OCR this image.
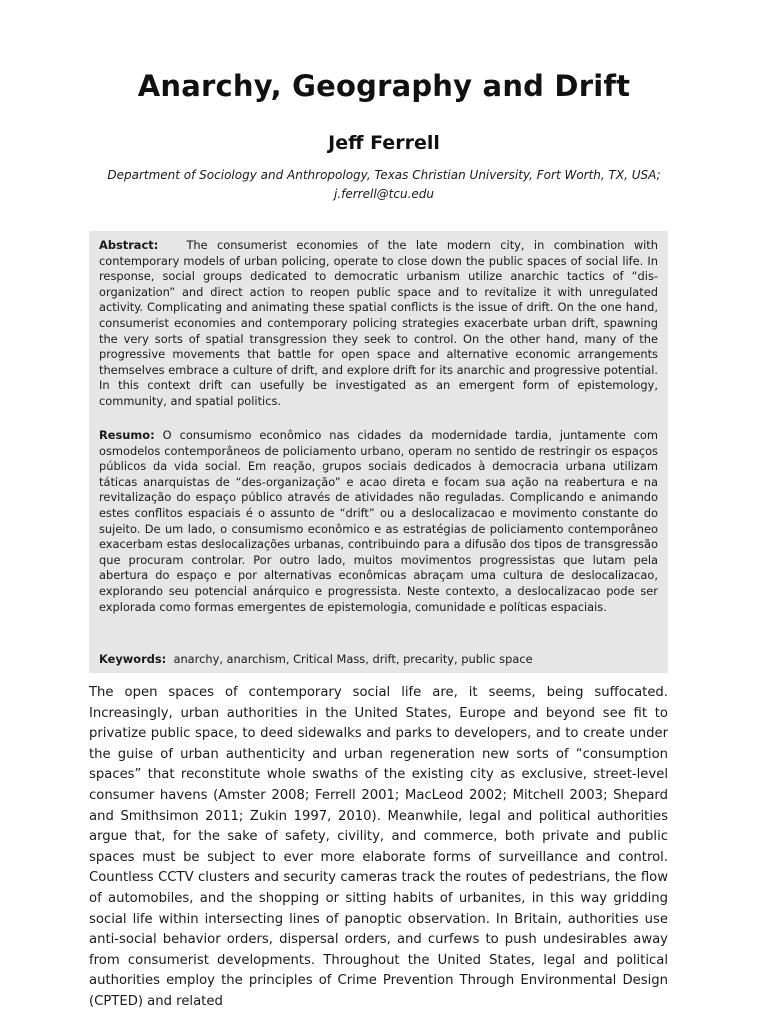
Anarchy, Geography and Drift
Jeff Ferrell
Department of Sociology and Anthropology, Texas Christian University, Fort Worth, TX, USA;
j.ferrell@tcu.edu

Abstract: The consumerist economies of the late modern city, in combination with contemporary models of urban policing, operate to close down the public spaces of social life. In response, social groups dedicated to democratic urbanism utilize anarchic tactics of “dis-organization” and direct action to reopen public space and to revitalize it with unregulated activity. Complicating and animating these spatial conflicts is the issue of drift. On the one hand, consumerist economies and contemporary policing strategies exacerbate urban drift, spawning the very sorts of spatial transgression they seek to control. On the other hand, many of the progressive movements that battle for open space and alternative economic arrangements themselves embrace a culture of drift, and explore drift for its anarchic and progressive potential. In this context drift can usefully be investigated as an emergent form of epistemology, community, and spatial politics.

Resumo: O consumismo econômico nas cidades da modernidade tardia, juntamente com osmodelos contemporâneos de policiamento urbano, operam no sentido de restringir os espaços públicos da vida social. Em reação, grupos sociais dedicados à democracia urbana utilizam táticas anarquistas de “des-organização” e acao direta e focam sua ação na reabertura e na revitalização do espaço público através de atividades não reguladas. Complicando e animando estes conflitos espaciais é o assunto de “drift” ou a deslocalizacao e movimento constante do sujeito. De um lado, o consumismo econômico e as estratégias de policiamento contemporâneo exacerbam estas deslocalizações urbanas, contribuindo para a difusão dos tipos de transgressão que procuram controlar. Por outro lado, muitos movimentos progressistas que lutam pela abertura do espaço e por alternativas econômicas abraçam uma cultura de deslocalizacao, explorando seu potencial anárquico e progressista. Neste contexto, a deslocalizacao pode ser explorada como formas emergentes de epistemologia, comunidade e políticas espaciais.

Keywords: anarchy, anarchism, Critical Mass, drift, precarity, public space

The open spaces of contemporary social life are, it seems, being suffocated. Increasingly, urban authorities in the United States, Europe and beyond see fit to privatize public space, to deed sidewalks and parks to developers, and to create under the guise of urban authenticity and urban regeneration new sorts of “consumption spaces” that reconstitute whole swaths of the existing city as exclusive, street-level consumer havens (Amster 2008; Ferrell 2001; MacLeod 2002; Mitchell 2003; Shepard and Smithsimon 2011; Zukin 1997, 2010). Meanwhile, legal and political authorities argue that, for the sake of safety, civility, and commerce, both private and public spaces must be subject to ever more elaborate forms of surveillance and control. Countless CCTV clusters and security cameras track the routes of pedestrians, the flow of automobiles, and the shopping or sitting habits of urbanites, in this way gridding social life within intersecting lines of panoptic observation. In Britain, authorities use anti-social behavior orders, dispersal orders, and curfews to push undesirables away from consumerist developments. Throughout the United States, legal and political authorities employ the principles of Crime Prevention Through Environmental Design (CPTED) and related
